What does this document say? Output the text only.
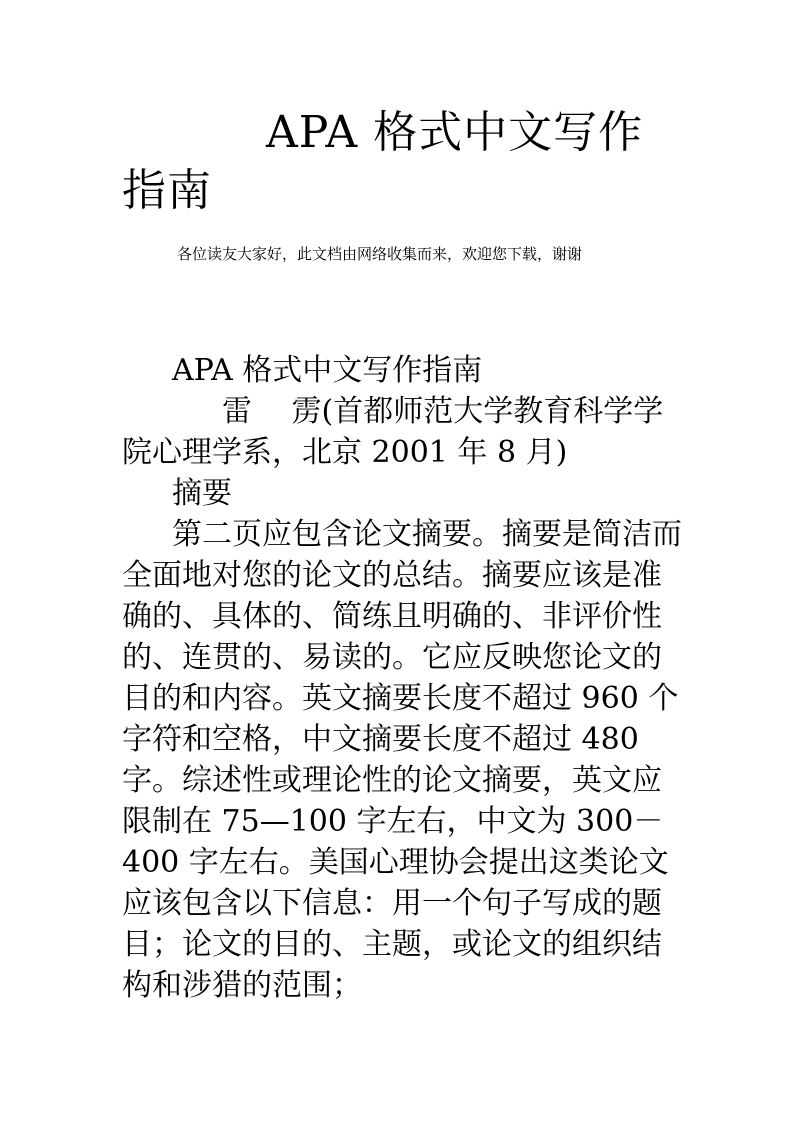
APA 格式中文写作指南

各位读友大家好，此文档由网络收集而来，欢迎您下载，谢谢

APA 格式中文写作指南

雷　 雳(首都师范大学教育科学学院心理学系，北京 2001 年 8 月)

摘要

第二页应包含论文摘要。摘要是简洁而全面地对您的论文的总结。摘要应该是准确的、具体的、简练且明确的、非评价性的、连贯的、易读的。它应反映您论文的目的和内容。英文摘要长度不超过 960 个字符和空格，中文摘要长度不超过 480 字。综述性或理论性的论文摘要，英文应限制在 75—100 字左右，中文为 300－400 字左右。美国心理协会提出这类论文应该包含以下信息：用一个句子写成的题目；论文的目的、主题，或论文的组织结构和涉猎的范围；
